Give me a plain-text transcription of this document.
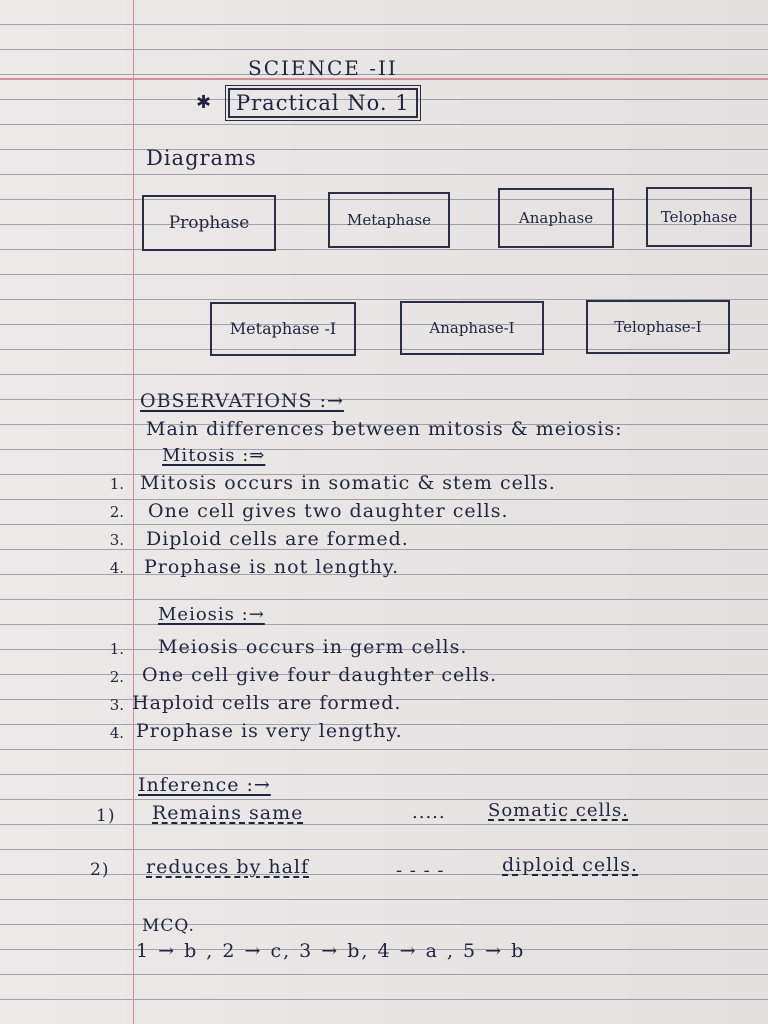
SCIENCE -II
✱	Practical No. 1
Diagrams
Prophase	Metaphase	Anaphase	Telophase
Metaphase -I	Anaphase-I	Telophase-I
OBSERVATIONS :→
Main differences between mitosis & meiosis:
Mitosis :⇒
1. Mitosis occurs in somatic & stem cells.
2. One cell gives two daughter cells.
3. Diploid cells are formed.
4. Prophase is not lengthy.
Meiosis :→
1. Meiosis occurs in germ cells.
2. One cell give four daughter cells.
3. Haploid cells are formed.
4. Prophase is very lengthy.
Inference :→
1) Remains same	..... Somatic cells.
2) reduces by half	- - - -	diploid cells.
MCQ.
1 → b , 2 → c, 3 → b, 4 → a , 5 → b
